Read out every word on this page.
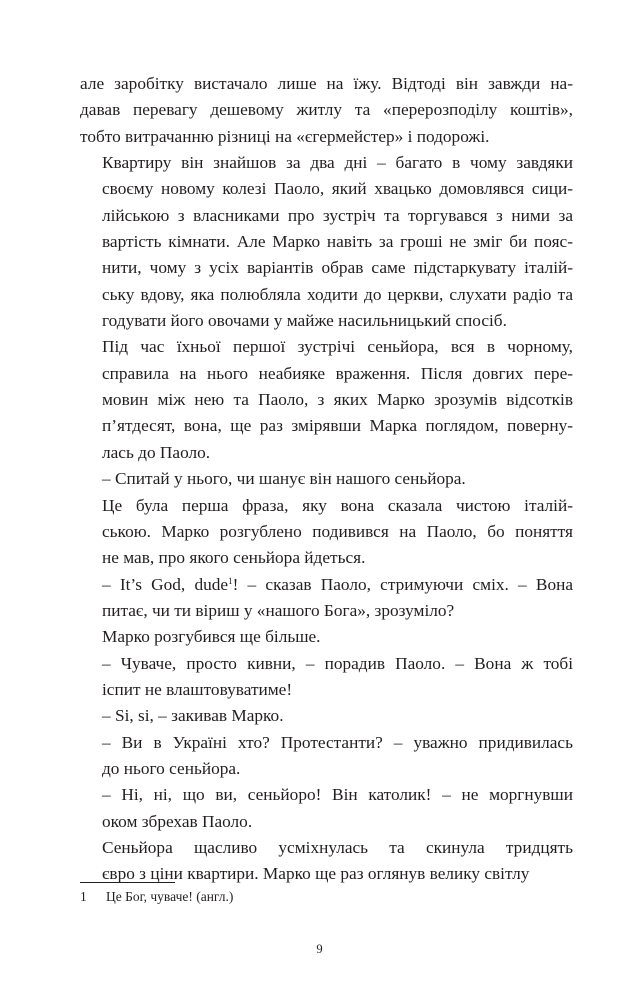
але заробітку вистачало лише на їжу. Відтоді він завжди на-
давав перевагу дешевому житлу та «перерозподілу коштів»,
тобто витрачанню різниці на «єгермейстер» і подорожі.

Квартиру він знайшов за два дні – багато в чому завдяки
своєму новому колезі Паоло, який хвацько домовлявся сици-
лійською з власниками про зустріч та торгувався з ними за
вартість кімнати. Але Марко навіть за гроші не зміг би пояс-
нити, чому з усіх варіантів обрав саме підстаркувату італій-
ську вдову, яка полюбляла ходити до церкви, слухати радіо та
годувати його овочами у майже насильницький спосіб.

Під час їхньої першої зустрічі сеньйора, вся в чорному,
справила на нього неабияке враження. Після довгих пере-
мовин між нею та Паоло, з яких Марко зрозумів відсотків
п’ятдесят, вона, ще раз змірявши Марка поглядом, поверну-
лась до Паоло.

– Спитай у нього, чи шанує він нашого сеньйора.

Це була перша фраза, яку вона сказала чистою італій-
ською. Марко розгублено подивився на Паоло, бо поняття
не мав, про якого сеньйора йдеться.

– It’s God, dude$^1$! – сказав Паоло, стримуючи сміх. – Вона
питає, чи ти віриш у «нашого Бога», зрозуміло?

Марко розгубився ще більше.

– Чуваче, просто кивни, – порадив Паоло. – Вона ж тобі
іспит не влаштовуватиме!

– Si, si, – закивав Марко.

– Ви в Україні хто? Протестанти? – уважно придивилась
до нього сеньйора.

– Ні, ні, що ви, сеньйоро! Він католик! – не моргнувши
оком збрехав Паоло.

Сеньйора щасливо усміхнулась та скинула тридцять
євро з ціни квартири. Марко ще раз оглянув велику світлу

1 Це Бог, чуваче! (англ.)
9
